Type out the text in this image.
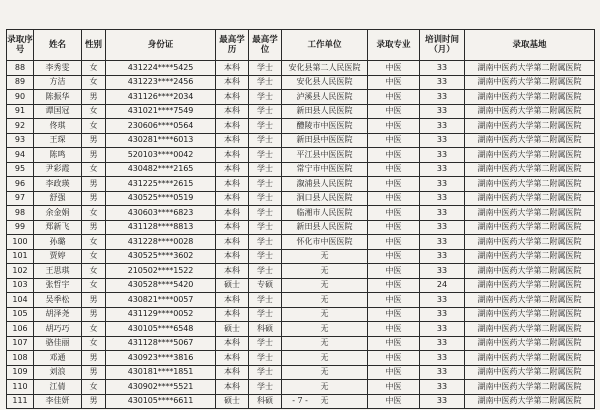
录取序号	姓名	性别	身份证	最高学历	最高学位	工作单位	录取专业	培训时间（月）	录取基地
88	李秀雯	女	431224****5425	本科	学士	安化县第二人民医院	中医	33	湖南中医药大学第二附属医院
89	方洁	女	431223****2456	本科	学士	安化县人民医院	中医	33	湖南中医药大学第二附属医院
90	陈振华	男	431126****2034	本科	学士	泸溪县人民医院	中医	33	湖南中医药大学第二附属医院
91	谭国冠	女	431021****7549	本科	学士	新田县人民医院	中医	33	湖南中医药大学第二附属医院
92	佟琪	女	230606****0564	本科	学士	醴陵市中医医院	中医	33	湖南中医药大学第二附属医院
93	王琛	男	430281****6013	本科	学士	新田县中医医院	中医	33	湖南中医药大学第二附属医院
94	陈鸣	男	520103****0042	本科	学士	平江县中医医院	中医	33	湖南中医药大学第二附属医院
95	尹彩霞	女	430482****2165	本科	学士	常宁市中医医院	中医	33	湖南中医药大学第二附属医院
96	李政瑛	男	431225****2615	本科	学士	溆浦县人民医院	中医	33	湖南中医药大学第二附属医院
97	舒强	男	430525****0519	本科	学士	洞口县人民医院	中医	33	湖南中医药大学第二附属医院
98	余金娟	女	430603****6823	本科	学士	临湘市人民医院	中医	33	湖南中医药大学第二附属医院
99	郑新飞	男	431128****8813	本科	学士	新田县人民医院	中医	33	湖南中医药大学第二附属医院
100	孙璐	女	431228****0028	本科	学士	怀化市中医医院	中医	33	湖南中医药大学第二附属医院
101	贾婷	女	430525****3602	本科	学士	无	中医	33	湖南中医药大学第二附属医院
102	王思琪	女	210502****1522	本科	学士	无	中医	33	湖南中医药大学第二附属医院
103	张哲宇	女	430528****5420	硕士	专硕	无	中医	24	湖南中医药大学第二附属医院
104	吴季松	男	430821****0057	本科	学士	无	中医	33	湖南中医药大学第二附属医院
105	胡泽尧	男	431129****0052	本科	学士	无	中医	33	湖南中医药大学第二附属医院
106	胡巧巧	女	430105****6548	硕士	科硕	无	中医	33	湖南中医药大学第二附属医院
107	骆佳丽	女	431128****5067	本科	学士	无	中医	33	湖南中医药大学第二附属医院
108	邓通	男	430923****3816	本科	学士	无	中医	33	湖南中医药大学第二附属医院
109	刘浪	男	430181****1851	本科	学士	无	中医	33	湖南中医药大学第二附属医院
110	江倩	女	430902****5521	本科	学士	无	中医	33	湖南中医药大学第二附属医院
111	李佳妍	男	430105****6611	硕士	科硕	无	中医	33	湖南中医药大学第二附属医院
- 7 -
